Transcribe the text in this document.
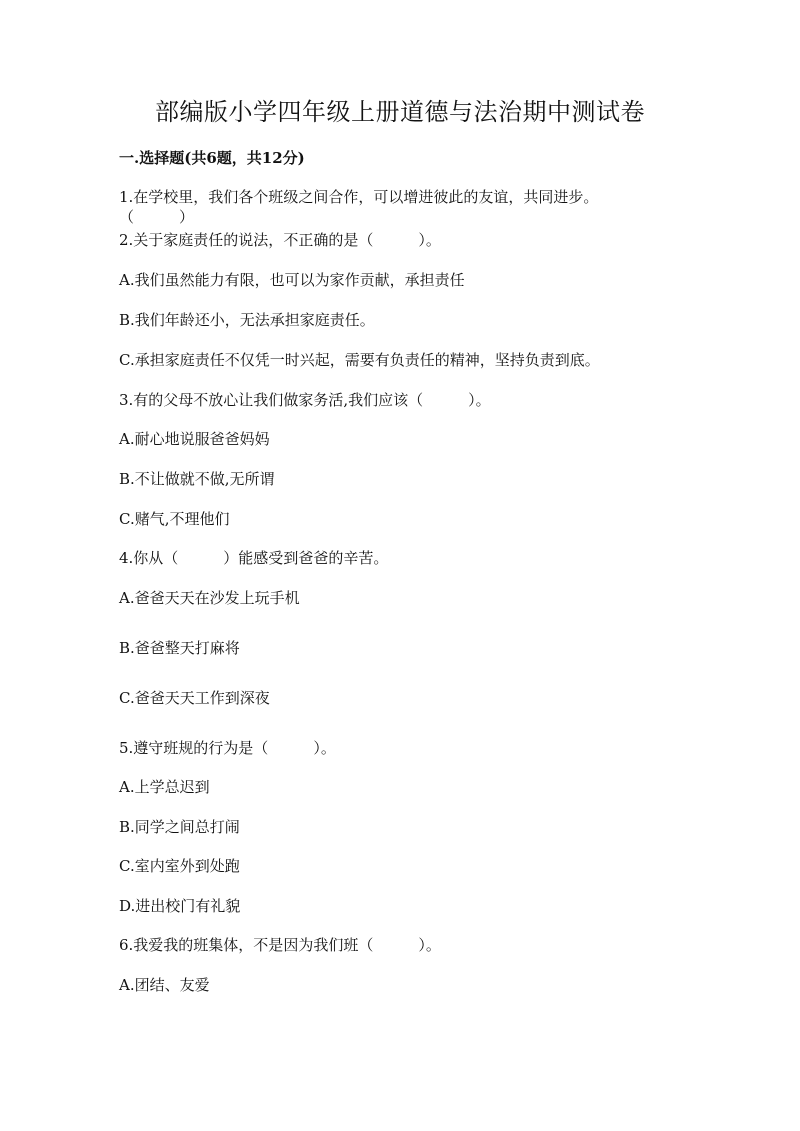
部编版小学四年级上册道德与法治期中测试卷
一.选择题(共6题，共12分)

1.在学校里，我们各个班级之间合作，可以增进彼此的友谊，共同进步。

（　　　）

2.关于家庭责任的说法，不正确的是（　　　）。

A.我们虽然能力有限，也可以为家作贡献，承担责任

B.我们年龄还小，无法承担家庭责任。

C.承担家庭责任不仅凭一时兴起，需要有负责任的精神，坚持负责到底。

3.有的父母不放心让我们做家务活,我们应该（　　　）。

A.耐心地说服爸爸妈妈

B.不让做就不做,无所谓

C.赌气,不理他们

4.你从（　　　）能感受到爸爸的辛苦。

A.爸爸天天在沙发上玩手机

B.爸爸整天打麻将

C.爸爸天天工作到深夜

5.遵守班规的行为是（　　　）。

A.上学总迟到

B.同学之间总打闹

C.室内室外到处跑

D.进出校门有礼貌

6.我爱我的班集体，不是因为我们班（　　　）。

A.团结、友爱
